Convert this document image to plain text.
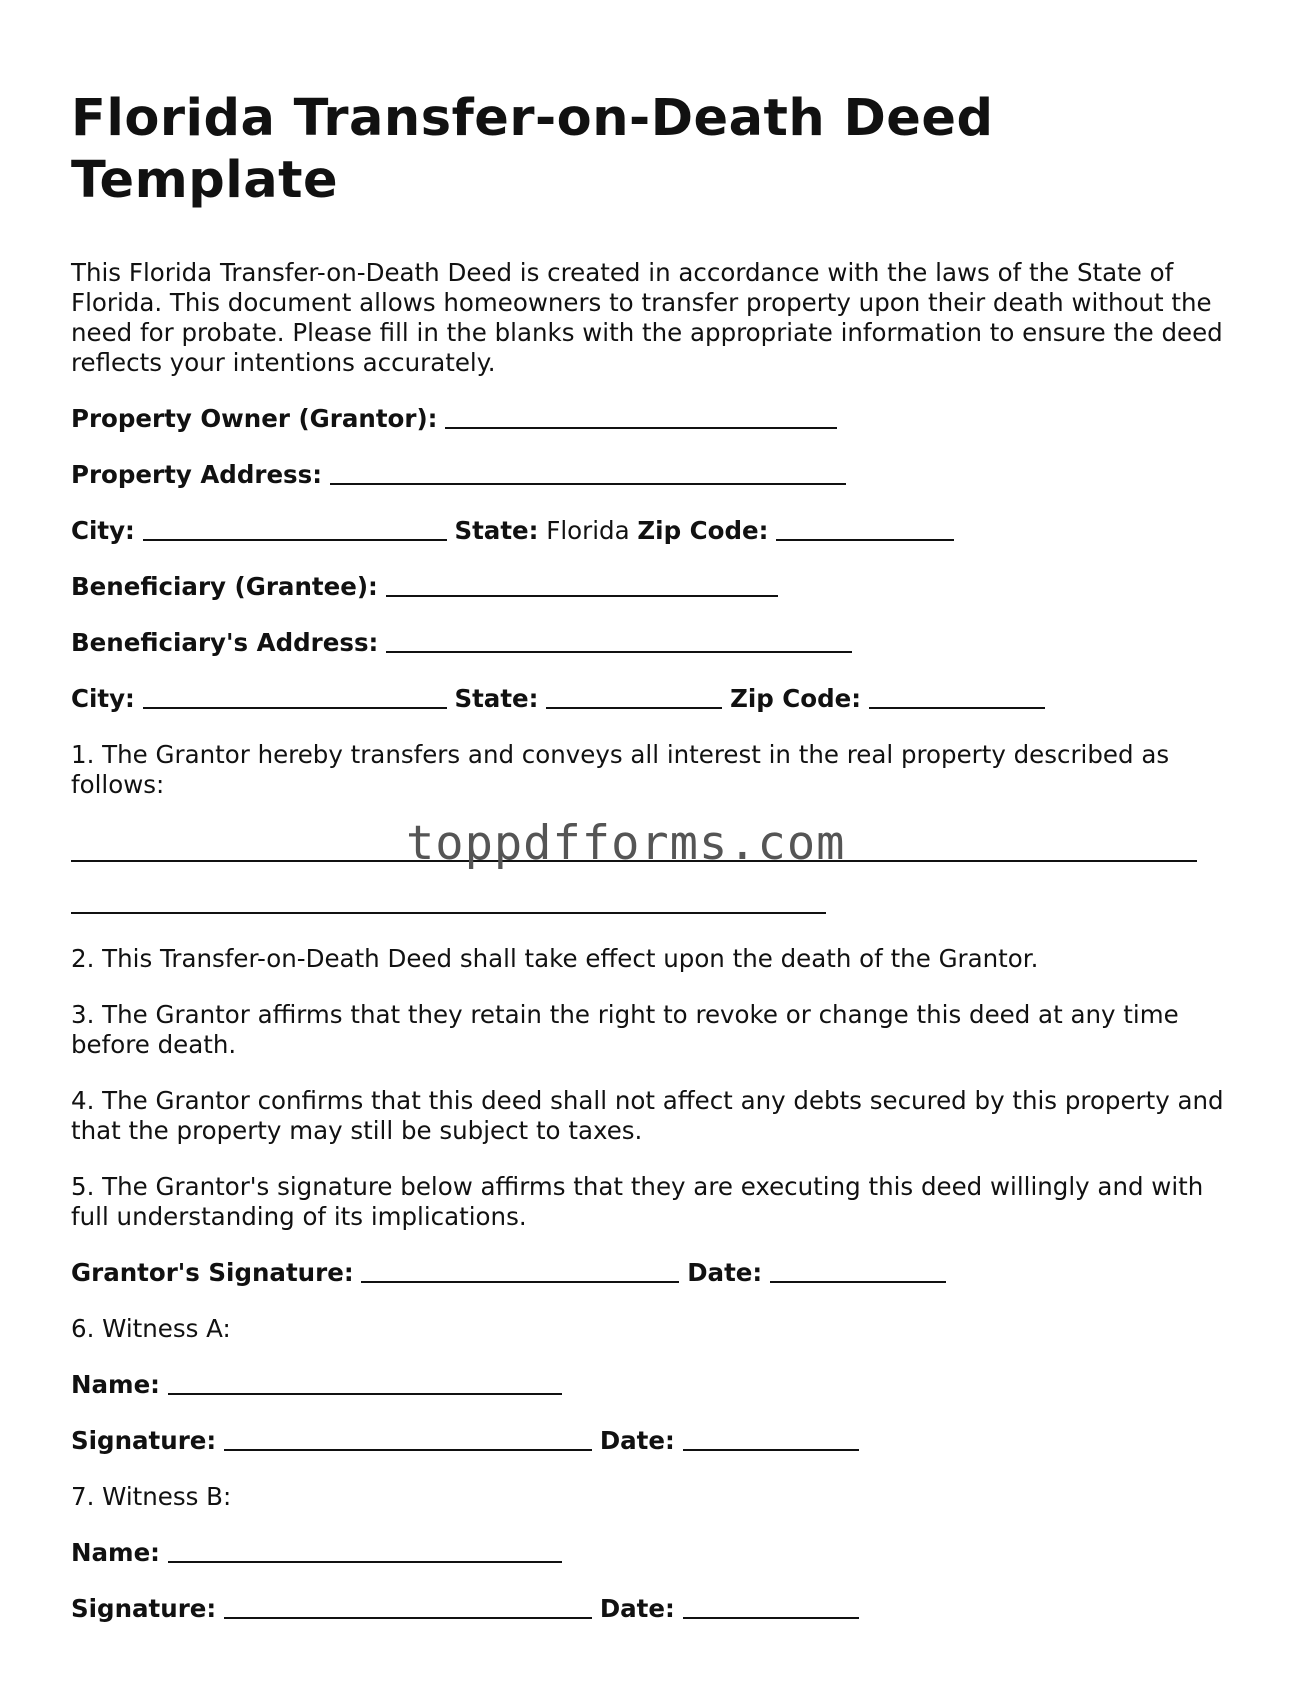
Florida Transfer-on-Death Deed Template

This Florida Transfer-on-Death Deed is created in accordance with the laws of the State of Florida. This document allows homeowners to transfer property upon their death without the need for probate. Please fill in the blanks with the appropriate information to ensure the deed reflects your intentions accurately.

Property Owner (Grantor):

Property Address:

City:	State: Florida Zip Code:

Beneficiary (Grantee):

Beneficiary's Address:

City:	State:	Zip Code:

1. The Grantor hereby transfers and conveys all interest in the real property described as follows:

2. This Transfer-on-Death Deed shall take effect upon the death of the Grantor.

3. The Grantor affirms that they retain the right to revoke or change this deed at any time before death.

4. The Grantor confirms that this deed shall not affect any debts secured by this property and that the property may still be subject to taxes.

5. The Grantor's signature below affirms that they are executing this deed willingly and with full understanding of its implications.

Grantor's Signature:	Date:

6. Witness A:

Name:

Signature:	Date:

7. Witness B:

Name:

Signature:	Date:

toppdfforms.com
